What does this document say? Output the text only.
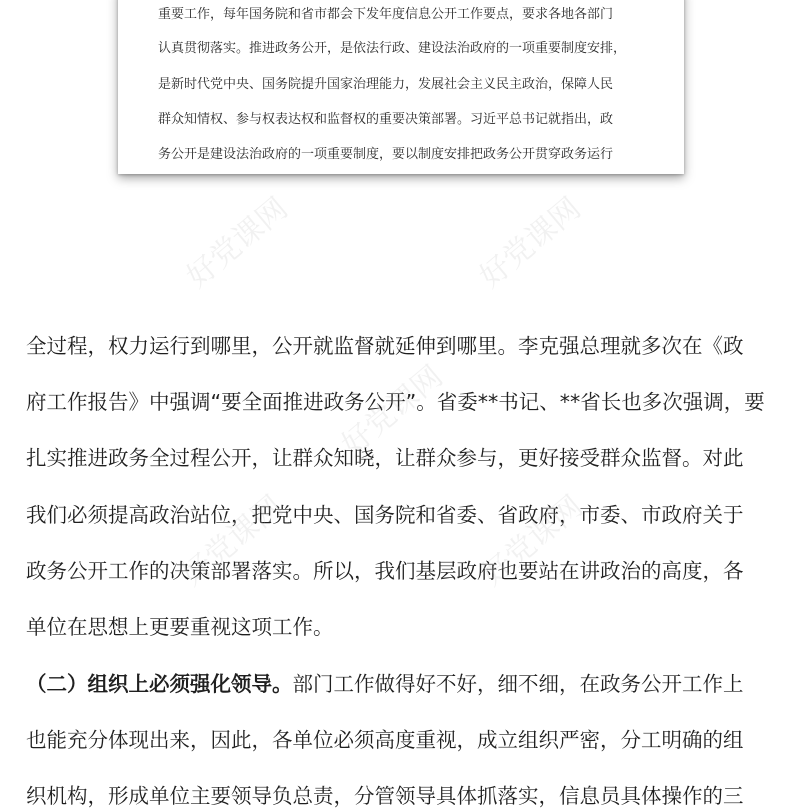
重要工作，每年国务院和省市都会下发年度信息公开工作要点，要求各地各部门
认真贯彻落实。推进政务公开，是依法行政、建设法治政府的一项重要制度安排，
是新时代党中央、国务院提升国家治理能力，发展社会主义民主政治，保障人民
群众知情权、参与权表达权和监督权的重要决策部署。习近平总书记就指出，政
务公开是建设法治政府的一项重要制度，要以制度安排把政务公开贯穿政务运行
全过程，权力运行到哪里，公开就监督就延伸到哪里。李克强总理就多次在《政
府工作报告》中强调“要全面推进政务公开”。省委**书记、**省长也多次强调，要
扎实推进政务全过程公开，让群众知晓，让群众参与，更好接受群众监督。对此
我们必须提高政治站位，把党中央、国务院和省委、省政府，市委、市政府关于
政务公开工作的决策部署落实。所以，我们基层政府也要站在讲政治的高度，各
单位在思想上更要重视这项工作。
（二）组织上必须强化领导。部门工作做得好不好，细不细，在政务公开工作上
也能充分体现出来，因此，各单位必须高度重视，成立组织严密，分工明确的组
织机构，形成单位主要领导负总责，分管领导具体抓落实，信息员具体操作的三
好党课网	好党课网
好党课网
好党课网
好党课网
